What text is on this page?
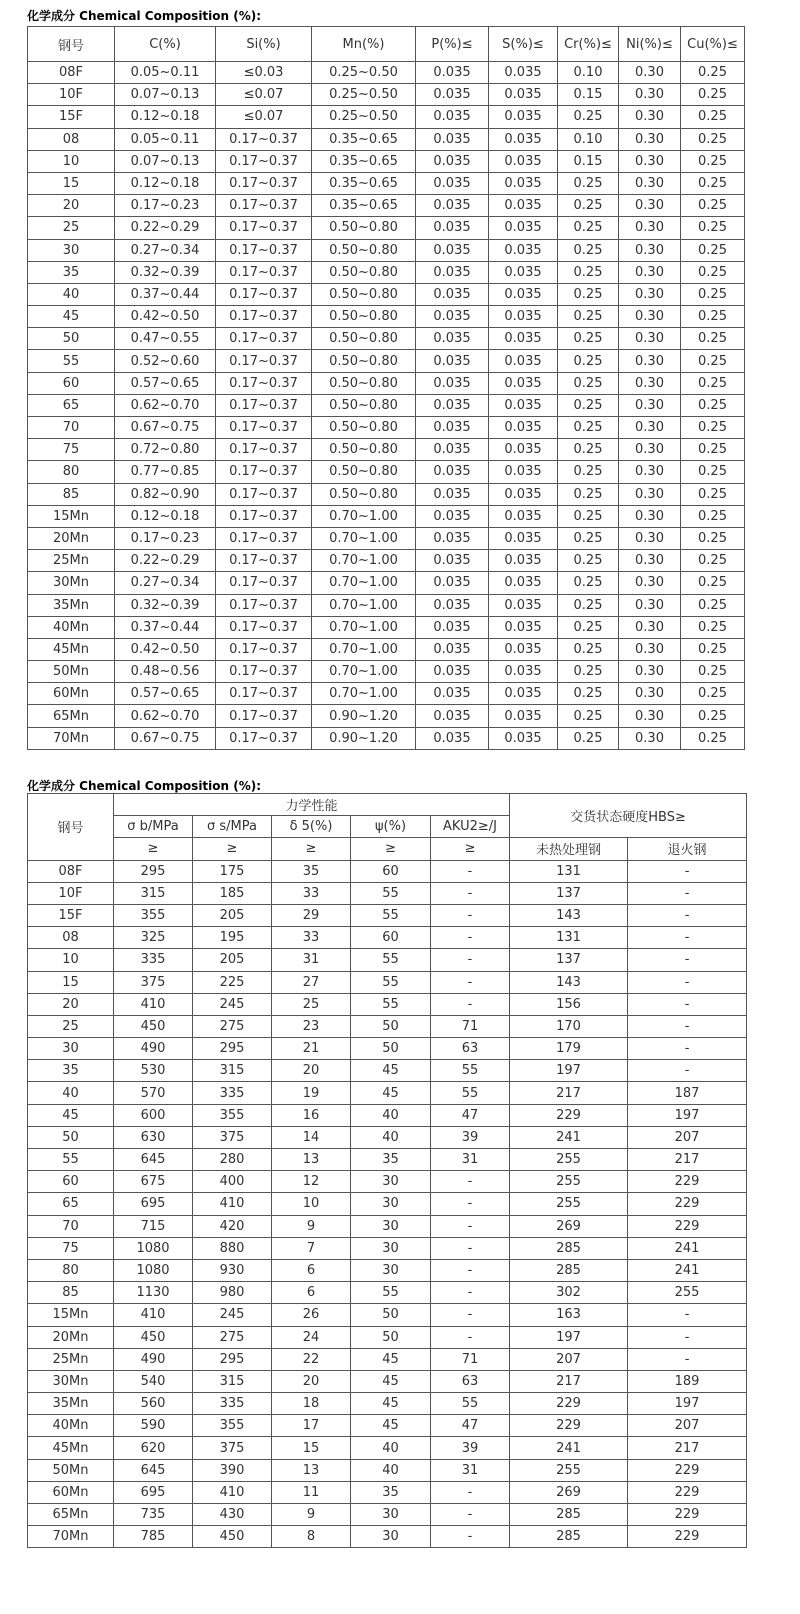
化学成分 Chemical Composition (%):
钢号	C(%)	Si(%)	Mn(%)	P(%)≤	S(%)≤	Cr(%)≤	Ni(%)≤	Cu(%)≤
08F	0.05~0.11	≤0.03	0.25~0.50	0.035	0.035	0.10	0.30	0.25
10F	0.07~0.13	≤0.07	0.25~0.50	0.035	0.035	0.15	0.30	0.25
15F	0.12~0.18	≤0.07	0.25~0.50	0.035	0.035	0.25	0.30	0.25
08	0.05~0.11	0.17~0.37	0.35~0.65	0.035	0.035	0.10	0.30	0.25
10	0.07~0.13	0.17~0.37	0.35~0.65	0.035	0.035	0.15	0.30	0.25
15	0.12~0.18	0.17~0.37	0.35~0.65	0.035	0.035	0.25	0.30	0.25
20	0.17~0.23	0.17~0.37	0.35~0.65	0.035	0.035	0.25	0.30	0.25
25	0.22~0.29	0.17~0.37	0.50~0.80	0.035	0.035	0.25	0.30	0.25
30	0.27~0.34	0.17~0.37	0.50~0.80	0.035	0.035	0.25	0.30	0.25
35	0.32~0.39	0.17~0.37	0.50~0.80	0.035	0.035	0.25	0.30	0.25
40	0.37~0.44	0.17~0.37	0.50~0.80	0.035	0.035	0.25	0.30	0.25
45	0.42~0.50	0.17~0.37	0.50~0.80	0.035	0.035	0.25	0.30	0.25
50	0.47~0.55	0.17~0.37	0.50~0.80	0.035	0.035	0.25	0.30	0.25
55	0.52~0.60	0.17~0.37	0.50~0.80	0.035	0.035	0.25	0.30	0.25
60	0.57~0.65	0.17~0.37	0.50~0.80	0.035	0.035	0.25	0.30	0.25
65	0.62~0.70	0.17~0.37	0.50~0.80	0.035	0.035	0.25	0.30	0.25
70	0.67~0.75	0.17~0.37	0.50~0.80	0.035	0.035	0.25	0.30	0.25
75	0.72~0.80	0.17~0.37	0.50~0.80	0.035	0.035	0.25	0.30	0.25
80	0.77~0.85	0.17~0.37	0.50~0.80	0.035	0.035	0.25	0.30	0.25
85	0.82~0.90	0.17~0.37	0.50~0.80	0.035	0.035	0.25	0.30	0.25
15Mn	0.12~0.18	0.17~0.37	0.70~1.00	0.035	0.035	0.25	0.30	0.25
20Mn	0.17~0.23	0.17~0.37	0.70~1.00	0.035	0.035	0.25	0.30	0.25
25Mn	0.22~0.29	0.17~0.37	0.70~1.00	0.035	0.035	0.25	0.30	0.25
30Mn	0.27~0.34	0.17~0.37	0.70~1.00	0.035	0.035	0.25	0.30	0.25
35Mn	0.32~0.39	0.17~0.37	0.70~1.00	0.035	0.035	0.25	0.30	0.25
40Mn	0.37~0.44	0.17~0.37	0.70~1.00	0.035	0.035	0.25	0.30	0.25
45Mn	0.42~0.50	0.17~0.37	0.70~1.00	0.035	0.035	0.25	0.30	0.25
50Mn	0.48~0.56	0.17~0.37	0.70~1.00	0.035	0.035	0.25	0.30	0.25
60Mn	0.57~0.65	0.17~0.37	0.70~1.00	0.035	0.035	0.25	0.30	0.25
65Mn	0.62~0.70	0.17~0.37	0.90~1.20	0.035	0.035	0.25	0.30	0.25
70Mn	0.67~0.75	0.17~0.37	0.90~1.20	0.035	0.035	0.25	0.30	0.25
化学成分 Chemical Composition (%):
钢号	力学性能					交货状态硬度HBS≥	
	σ b/MPa	σ s/MPa	δ 5(%)	ψ(%)	AKU2≥/J		
	≥	≥	≥	≥	≥	未热处理钢	退火钢
08F	295	175	35	60	-	131	-
10F	315	185	33	55	-	137	-
15F	355	205	29	55	-	143	-
08	325	195	33	60	-	131	-
10	335	205	31	55	-	137	-
15	375	225	27	55	-	143	-
20	410	245	25	55	-	156	-
25	450	275	23	50	71	170	-
30	490	295	21	50	63	179	-
35	530	315	20	45	55	197	-
40	570	335	19	45	55	217	187
45	600	355	16	40	47	229	197
50	630	375	14	40	39	241	207
55	645	280	13	35	31	255	217
60	675	400	12	30	-	255	229
65	695	410	10	30	-	255	229
70	715	420	9	30	-	269	229
75	1080	880	7	30	-	285	241
80	1080	930	6	30	-	285	241
85	1130	980	6	55	-	302	255
15Mn	410	245	26	50	-	163	-
20Mn	450	275	24	50	-	197	-
25Mn	490	295	22	45	71	207	-
30Mn	540	315	20	45	63	217	189
35Mn	560	335	18	45	55	229	197
40Mn	590	355	17	45	47	229	207
45Mn	620	375	15	40	39	241	217
50Mn	645	390	13	40	31	255	229
60Mn	695	410	11	35	-	269	229
65Mn	735	430	9	30	-	285	229
70Mn	785	450	8	30	-	285	229
